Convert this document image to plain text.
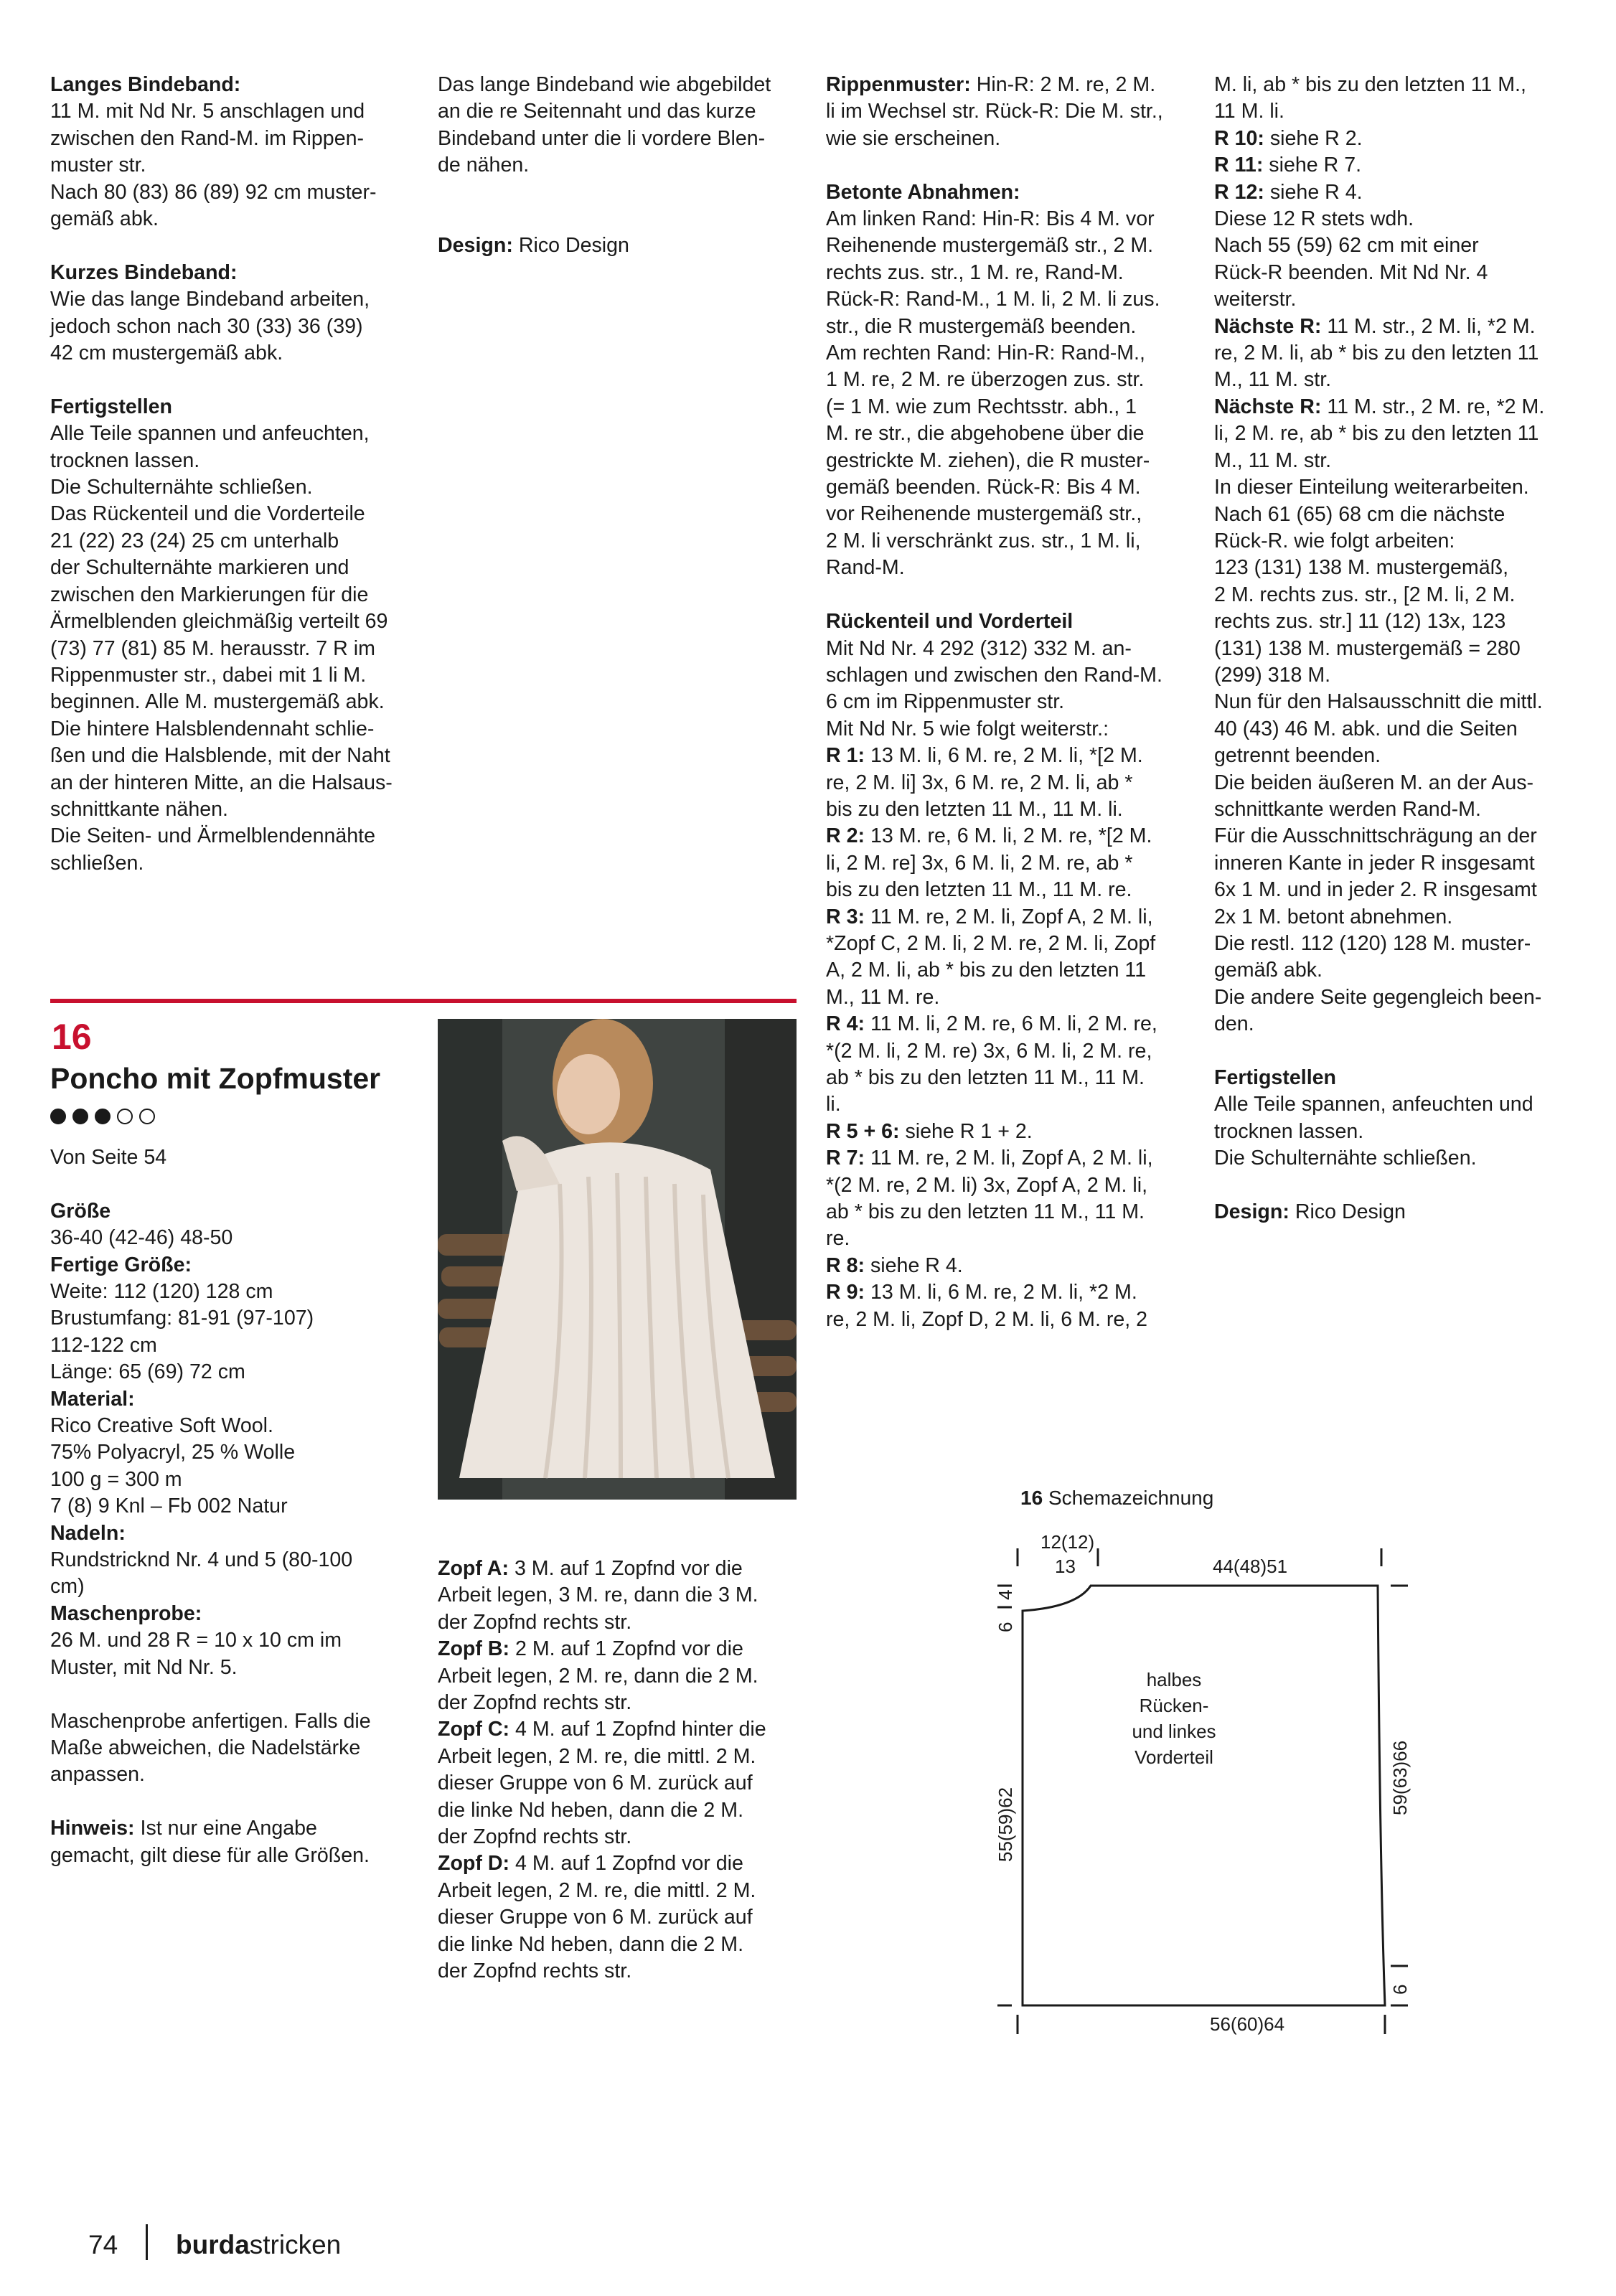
Langes Bindeband:

11 M. mit Nd Nr. 5 anschlagen und

zwischen den Rand-M. im Rippen-

muster str.

Nach 80 (83) 86 (89) 92 cm muster-

gemäß abk.

Kurzes Bindeband:

Wie das lange Bindeband arbeiten,

jedoch schon nach 30 (33) 36 (39)

42 cm mustergemäß abk.

Fertigstellen

Alle Teile spannen und anfeuchten,

trocknen lassen.

Die Schulternähte schließen.

Das Rückenteil und die Vorderteile

21 (22) 23 (24) 25 cm unterhalb

der Schulternähte markieren und

zwischen den Markierungen für die

Ärmelblenden gleichmäßig verteilt 69

(73) 77 (81) 85 M. herausstr. 7 R im

Rippenmuster str., dabei mit 1 li M.

beginnen. Alle M. mustergemäß abk.

Die hintere Halsblendennaht schlie-

ßen und die Halsblende, mit der Naht

an der hinteren Mitte, an die Halsaus-

schnittkante nähen.

Die Seiten- und Ärmelblendennähte

schließen.

Das lange Bindeband wie abgebildet

an die re Seitennaht und das kurze

Bindeband unter die li vordere Blen-

de nähen.

Design: Rico Design

16
Poncho mit Zopfmuster

Von Seite 54

Größe

36-40 (42-46) 48-50

Fertige Größe:

Weite: 112 (120) 128 cm

Brustumfang: 81-91 (97-107)

112-122 cm

Länge: 65 (69) 72 cm

Material:

Rico Creative Soft Wool.

75% Polyacryl, 25 % Wolle

100 g = 300 m

7 (8) 9 Knl – Fb 002 Natur

Nadeln:

Rundstricknd Nr. 4 und 5 (80-100

cm)

Maschenprobe:

26 M. und 28 R = 10 x 10 cm im

Muster, mit Nd Nr. 5.

Maschenprobe anfertigen. Falls die

Maße abweichen, die Nadelstärke

anpassen.

Hinweis: Ist nur eine Angabe

gemacht, gilt diese für alle Größen.

Zopf A: 3 M. auf 1 Zopfnd vor die

Arbeit legen, 3 M. re, dann die 3 M.

der Zopfnd rechts str.

Zopf B: 2 M. auf 1 Zopfnd vor die

Arbeit legen, 2 M. re, dann die 2 M.

der Zopfnd rechts str.

Zopf C: 4 M. auf 1 Zopfnd hinter die

Arbeit legen, 2 M. re, die mittl. 2 M.

dieser Gruppe von 6 M. zurück auf

die linke Nd heben, dann die 2 M.

der Zopfnd rechts str.

Zopf D: 4 M. auf 1 Zopfnd vor die

Arbeit legen, 2 M. re, die mittl. 2 M.

dieser Gruppe von 6 M. zurück auf

die linke Nd heben, dann die 2 M.

der Zopfnd rechts str.

Rippenmuster: Hin-R: 2 M. re, 2 M.

li im Wechsel str. Rück-R: Die M. str.,

wie sie erscheinen.

Betonte Abnahmen:

Am linken Rand: Hin-R: Bis 4 M. vor

Reihenende mustergemäß str., 2 M.

rechts zus. str., 1 M. re, Rand-M.

Rück-R: Rand-M., 1 M. li, 2 M. li zus.

str., die R mustergemäß beenden.

Am rechten Rand: Hin-R: Rand-M.,

1 M. re, 2 M. re überzogen zus. str.

(= 1 M. wie zum Rechtsstr. abh., 1

M. re str., die abgehobene über die

gestrickte M. ziehen), die R muster-

gemäß beenden. Rück-R: Bis 4 M.

vor Reihenende mustergemäß str.,

2 M. li verschränkt zus. str., 1 M. li,

Rand-M.

Rückenteil und Vorderteil

Mit Nd Nr. 4 292 (312) 332 M. an-

schlagen und zwischen den Rand-M.

6 cm im Rippenmuster str.

Mit Nd Nr. 5 wie folgt weiterstr.:

R 1: 13 M. li, 6 M. re, 2 M. li, *[2 M.

re, 2 M. li] 3x, 6 M. re, 2 M. li, ab *

bis zu den letzten 11 M., 11 M. li.

R 2: 13 M. re, 6 M. li, 2 M. re, *[2 M.

li, 2 M. re] 3x, 6 M. li, 2 M. re, ab *

bis zu den letzten 11 M., 11 M. re.

R 3: 11 M. re, 2 M. li, Zopf A, 2 M. li,

*Zopf C, 2 M. li, 2 M. re, 2 M. li, Zopf

A, 2 M. li, ab * bis zu den letzten 11

M., 11 M. re.

R 4: 11 M. li, 2 M. re, 6 M. li, 2 M. re,

*(2 M. li, 2 M. re) 3x, 6 M. li, 2 M. re,

ab * bis zu den letzten 11 M., 11 M.

li.

R 5 + 6: siehe R 1 + 2.

R 7: 11 M. re, 2 M. li, Zopf A, 2 M. li,

*(2 M. re, 2 M. li) 3x, Zopf A, 2 M. li,

ab * bis zu den letzten 11 M., 11 M.

re.

R 8: siehe R 4.

R 9: 13 M. li, 6 M. re, 2 M. li, *2 M.

re, 2 M. li, Zopf D, 2 M. li, 6 M. re, 2

M. li, ab * bis zu den letzten 11 M.,

11 M. li.

R 10: siehe R 2.

R 11: siehe R 7.

R 12: siehe R 4.

Diese 12 R stets wdh.

Nach 55 (59) 62 cm mit einer

Rück-R beenden. Mit Nd Nr. 4

weiterstr.

Nächste R: 11 M. str., 2 M. li, *2 M.

re, 2 M. li, ab * bis zu den letzten 11

M., 11 M. str.

Nächste R: 11 M. str., 2 M. re, *2 M.

li, 2 M. re, ab * bis zu den letzten 11

M., 11 M. str.

In dieser Einteilung weiterarbeiten.

Nach 61 (65) 68 cm die nächste

Rück-R. wie folgt arbeiten:

123 (131) 138 M. mustergemäß,

2 M. rechts zus. str., [2 M. li, 2 M.

rechts zus. str.] 11 (12) 13x, 123

(131) 138 M. mustergemäß = 280

(299) 318 M.

Nun für den Halsausschnitt die mittl.

40 (43) 46 M. abk. und die Seiten

getrennt beenden.

Die beiden äußeren M. an der Aus-

schnittkante werden Rand-M.

Für die Ausschnittschrägung an der

inneren Kante in jeder R insgesamt

6x 1 M. und in jeder 2. R insgesamt

2x 1 M. betont abnehmen.

Die restl. 112 (120) 128 M. muster-

gemäß abk.

Die andere Seite gegengleich been-

den.

Fertigstellen

Alle Teile spannen, anfeuchten und

trocknen lassen.

Die Schulternähte schließen.

Design: Rico Design

16 Schemazeichnung
12(12)
13	44(48)51
halbes
Rücken-
und linkes
Vorderteil
56(60)64
4
6
55(59)62
59(63)66
6
74 burdastricken
